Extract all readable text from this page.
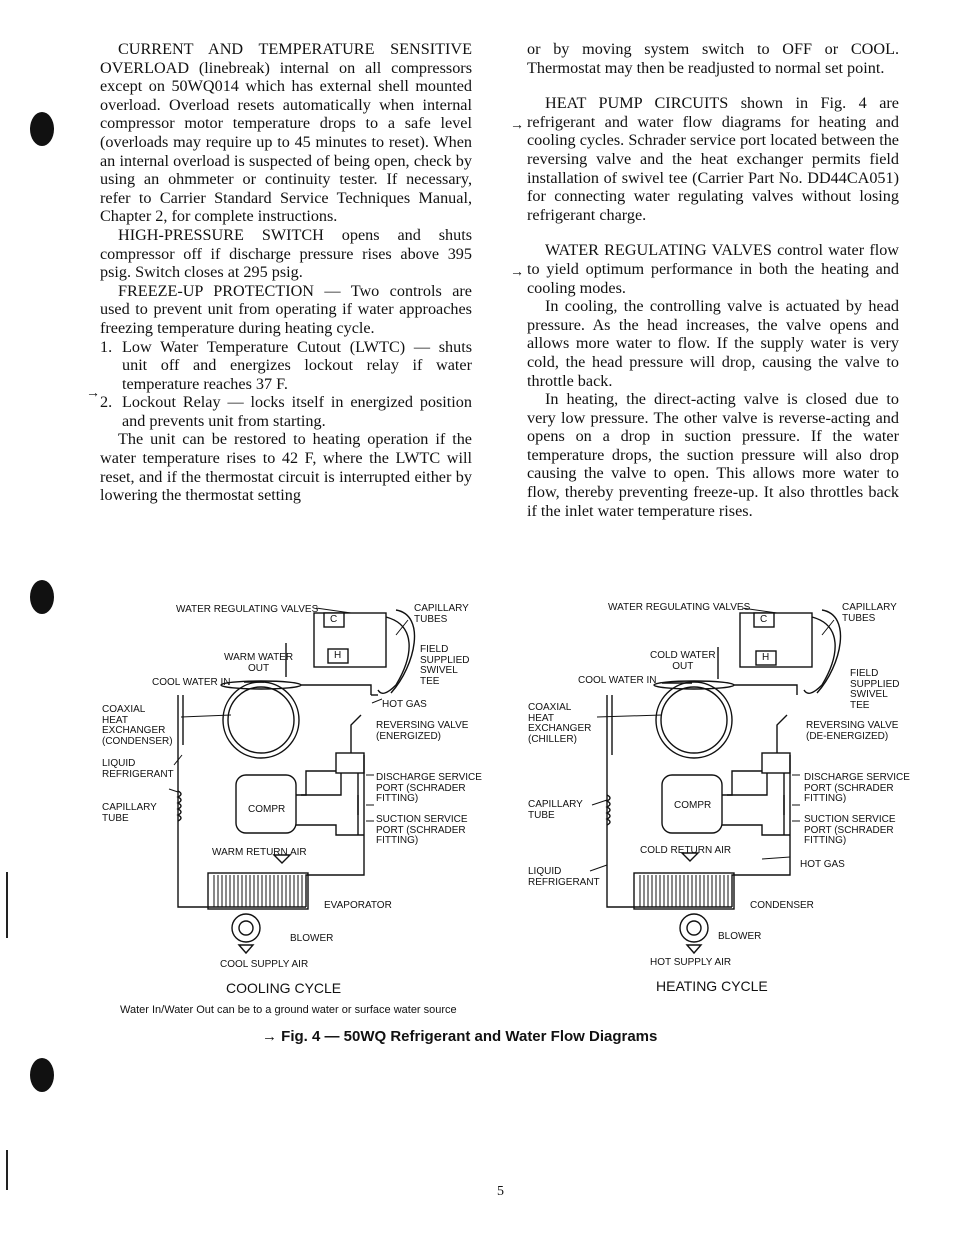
CURRENT AND TEMPERATURE SENSITIVE OVERLOAD (linebreak) internal on all compressors except on 50WQ014 which has external shell mounted overload. Overload resets automatically when internal compressor motor temperature drops to a safe level (overloads may require up to 45 minutes to reset). When an internal overload is suspected of being open, check by using an ohmmeter or continuity tester. If necessary, refer to Carrier Standard Service Techniques Manual, Chapter 2, for complete instructions.

HIGH-PRESSURE SWITCH opens and shuts compressor off if discharge pressure rises above 395 psig. Switch closes at 295 psig.

FREEZE-UP PROTECTION — Two controls are used to prevent unit from operating if water approaches freezing temperature during heating cycle.

1. Low Water Temperature Cutout (LWTC) — shuts unit off and energizes lockout relay if water temperature reaches 37 F.
2. Lockout Relay — locks itself in energized position and prevents unit from starting.

The unit can be restored to heating operation if the water temperature rises to 42 F, where the LWTC will reset, and if the thermostat circuit is interrupted either by lowering the thermostat setting

→

or by moving system switch to OFF or COOL. Thermostat may then be readjusted to normal set point.

HEAT PUMP CIRCUITS shown in Fig. 4 are refrigerant and water flow diagrams for heating and cooling cycles. Schrader service port located between the reversing valve and the heat exchanger permits field installation of swivel tee (Carrier Part No. DD44CA051) for connecting water regulating valves without losing refrigerant charge.

WATER REGULATING VALVES control water flow to yield optimum performance in both the heating and cooling modes.

In cooling, the controlling valve is actuated by head pressure. As the head increases, the valve opens and allows more water to flow. If the supply water is very cold, the head pressure will drop, causing the valve to throttle back.

In heating, the direct-acting valve is closed due to very low pressure. The other valve is reverse-acting and opens on a drop in suction pressure. If the water temperature drops, the suction pressure will also drop causing the valve to open. This allows more water to flow, thereby preventing freeze-up. It also throttles back if the inlet water temperature rises.

→
→
C
H
WATER REGULATING VALVES	CAPILLARY
TUBES
FIELD
SUPPLIED
SWIVEL
TEE
WARM WATER
OUT
COOL WATER IN
HOT GAS
COAXIAL
HEAT
EXCHANGER
(CONDENSER)
REVERSING VALVE
(ENERGIZED)
LIQUID
REFRIGERANT	DISCHARGE SERVICE
PORT (SCHRADER
FITTING)
CAPILLARY
TUBE
COMPR
SUCTION SERVICE
PORT (SCHRADER
FITTING)
WARM RETURN AIR
EVAPORATOR
BLOWER
COOL SUPPLY AIR
COOLING CYCLE
C
H
WATER REGULATING VALVES	CAPILLARY
TUBES
FIELD
SUPPLIED
SWIVEL
TEE
COLD WATER
OUT
COOL WATER IN
COAXIAL
HEAT
EXCHANGER
(CHILLER)
REVERSING VALVE
(DE-ENERGIZED)
DISCHARGE SERVICE
PORT (SCHRADER
FITTING)
CAPILLARY
TUBE
COMPR
SUCTION SERVICE
PORT (SCHRADER
FITTING)
COLD RETURN AIR
HOT GAS
LIQUID
REFRIGERANT
CONDENSER
BLOWER
HOT SUPPLY AIR
HEATING CYCLE
Water In/Water Out can be to a ground water or surface water source
→ Fig. 4 — 50WQ Refrigerant and Water Flow Diagrams
5
